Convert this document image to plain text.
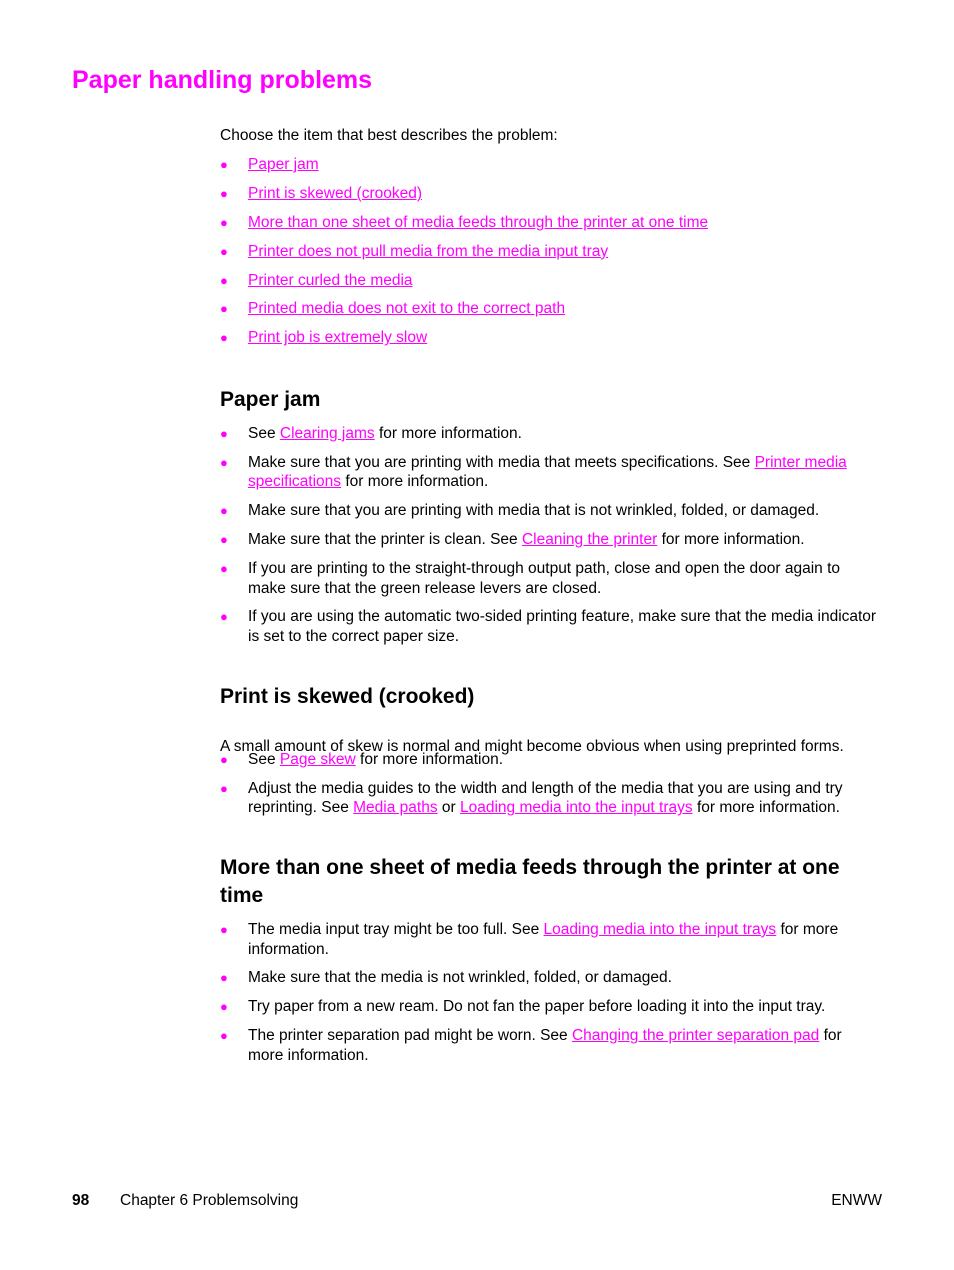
Paper handling problems

Choose the item that best describes the problem:

● Paper jam
● Print is skewed (crooked)
● More than one sheet of media feeds through the printer at one time
● Printer does not pull media from the media input tray
● Printer curled the media
● Printed media does not exit to the correct path
● Print job is extremely slow
Paper jam
● See Clearing jams for more information.
● Make sure that you are printing with media that meets specifications. See Printer media specifications for more information.
● Make sure that you are printing with media that is not wrinkled, folded, or damaged.
● Make sure that the printer is clean. See Cleaning the printer for more information.
● If you are printing to the straight-through output path, close and open the door again to make sure that the green release levers are closed.
● If you are using the automatic two-sided printing feature, make sure that the media indicator is set to the correct paper size.
Print is skewed (crooked)

A small amount of skew is normal and might become obvious when using preprinted forms.

● See Page skew for more information.
● Adjust the media guides to the width and length of the media that you are using and try reprinting. See Media paths or Loading media into the input trays for more information.
More than one sheet of media feeds through the printer at one time
● The media input tray might be too full. See Loading media into the input trays for more information.
● Make sure that the media is not wrinkled, folded, or damaged.
● Try paper from a new ream. Do not fan the paper before loading it into the input tray.
● The printer separation pad might be worn. See Changing the printer separation pad for more information.
98 Chapter 6 Problemsolving	ENWW
